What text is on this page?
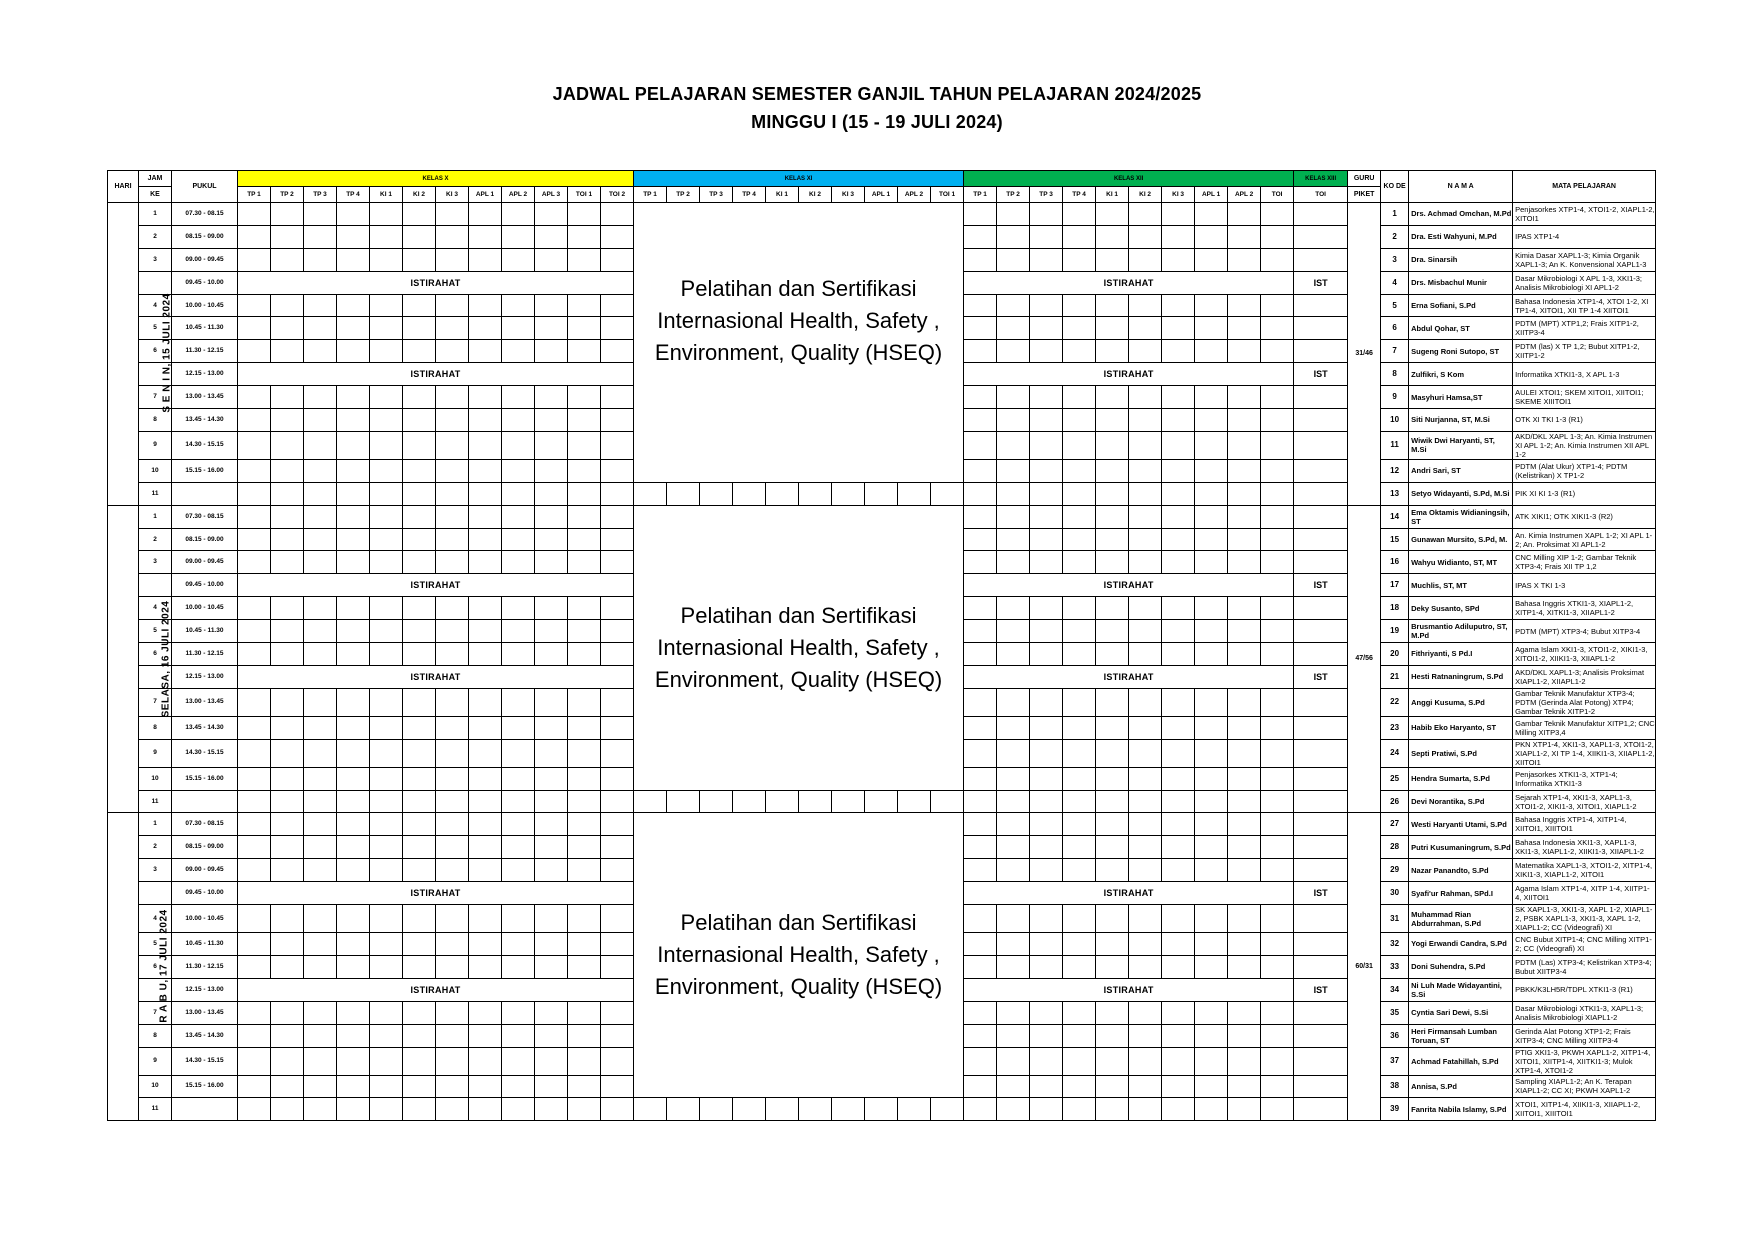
JADWAL PELAJARAN SEMESTER GANJIL TAHUN PELAJARAN 2024/2025
MINGGU I (15 - 19 JULI 2024)
HARI	JAM	PUKUL	KELAS X												KELAS XI										KELAS XII										KELAS XIII	GURU	KO DE	N A M A	MATA PELAJARAN
	KE		TP 1	TP 2	TP 3	TP 4	KI 1	KI 2	KI 3	APL 1	APL 2	APL 3	TOI 1	TOI 2	TP 1	TP 2	TP 3	TP 4	KI 1	KI 2	KI 3	APL 1	APL 2	TOI 1	TP 1	TP 2	TP 3	TP 4	KI 1	KI 2	KI 3	APL 1	APL 2	TOI	TOI	PIKET			
S E N I N, 15 JULI 2024	1	07.30 - 08.15													Pelatihan dan Sertifikasi Internasional Health, Safety , Environment, Quality (HSEQ)																					31/46	1	Drs. Achmad Omchan, M.Pd	Penjasorkes XTP1-4, XTOI1-2, XIAPL1-2, XITOI1
	2	08.15 - 09.00																																			2	Dra. Esti Wahyuni, M.Pd	IPAS XTP1-4
	3	09.00 - 09.45																																			3	Dra. Sinarsih	Kimia Dasar XAPL1-3; Kimia Organik XAPL1-3; An K. Konvensional XAPL1-3
		09.45 - 10.00	ISTIRAHAT																						ISTIRAHAT										IST		4	Drs. Misbachul Munir	Dasar Mikrobiologi X APL 1-3, XKI1-3; Analisis Mikrobiologi XI APL1-2
	4	10.00 - 10.45																																			5	Erna Sofiani, S.Pd	Bahasa Indonesia XTP1-4, XTOI 1-2, XI TP1-4, XITOI1, XII TP 1-4 XIITOI1
	5	10.45 - 11.30																																			6	Abdul Qohar, ST	PDTM (MPT) XTP1,2; Frais XITP1-2, XIITP3-4
	6	11.30 - 12.15																																			7	Sugeng Roni Sutopo, ST	PDTM (las) X TP 1,2; Bubut XITP1-2, XIITP1-2
		12.15 - 13.00	ISTIRAHAT																						ISTIRAHAT										IST		8	Zulfikri, S Kom	Informatika XTKI1-3, X APL 1-3
	7	13.00 - 13.45																																			9	Masyhuri Hamsa,ST	AULEI XTOI1; SKEM XITOI1, XIITOI1; SKEME XIIITOI1
	8	13.45 - 14.30																																			10	Siti Nurjanna, ST, M.Si	OTK XI TKI 1-3 (R1)
	9	14.30 - 15.15																																			11	Wiwik Dwi Haryanti, ST, M.Si	AKD/DKL XAPL 1-3; An. Kimia Instrumen XI APL 1-2; An. Kimia Instrumen XII APL 1-2
	10	15.15 - 16.00																																			12	Andri Sari, ST	PDTM (Alat Ukur) XTP1-4; PDTM (Kelistrikan) X TP1-2
	11																																				13	Setyo Widayanti, S.Pd, M.Si	PIK XI KI 1-3 (R1)
SELASA, 16 JULI 2024	1	07.30 - 08.15													Pelatihan dan Sertifikasi Internasional Health, Safety , Environment, Quality (HSEQ)																					47/56	14	Ema Oktamis Widianingsih, ST	ATK XIKI1; OTK XIKI1-3 (R2)
	2	08.15 - 09.00																																			15	Gunawan Mursito, S.Pd, M.	An. Kimia Instrumen XAPL 1-2; XI APL 1-2; An. Proksimat XI APL1-2
	3	09.00 - 09.45																																			16	Wahyu Widianto, ST, MT	CNC Milling XIP 1-2; Gambar Teknik XTP3-4; Frais XII TP 1,2
		09.45 - 10.00	ISTIRAHAT																						ISTIRAHAT										IST		17	Muchlis, ST, MT	IPAS X TKI 1-3
	4	10.00 - 10.45																																			18	Deky Susanto, SPd	Bahasa Inggris XTKI1-3, XIAPL1-2, XITP1-4, XITKI1-3, XIIAPL1-2
	5	10.45 - 11.30																																			19	Brusmantio Adiluputro, ST, M.Pd	PDTM (MPT) XTP3-4; Bubut XITP3-4
	6	11.30 - 12.15																																			20	Fithriyanti, S Pd.I	Agama Islam XKI1-3, XTOI1-2, XIKI1-3, XITOI1-2, XIIKI1-3, XIIAPL1-2
		12.15 - 13.00	ISTIRAHAT																						ISTIRAHAT										IST		21	Hesti Ratnaningrum, S.Pd	AKD/DKL XAPL1-3; Analisis Proksimat XIAPL1-2, XIIAPL1-2
	7	13.00 - 13.45																																			22	Anggi Kusuma, S.Pd	Gambar Teknik Manufaktur XTP3-4; PDTM (Gerinda Alat Potong) XTP4; Gambar Teknik XITP1-2
	8	13.45 - 14.30																																			23	Habib Eko Haryanto, ST	Gambar Teknik Manufaktur XITP1,2; CNC Milling XITP3,4
	9	14.30 - 15.15																																			24	Septi Pratiwi, S.Pd	PKN XTP1-4, XKI1-3, XAPL1-3, XTOI1-2, XIAPL1-2, XI TP 1-4, XIIKI1-3, XIIAPL1-2, XIITOI1
	10	15.15 - 16.00																																			25	Hendra Sumarta, S.Pd	Penjasorkes XTKI1-3, XTP1-4; Informatika XTKI1-3
	11																																				26	Devi Norantika, S.Pd	Sejarah XTP1-4, XKI1-3, XAPL1-3, XTOI1-2, XIKI1-3, XITOI1, XIAPL1-2
R A B U, 17 JULI 2024	1	07.30 - 08.15													Pelatihan dan Sertifikasi Internasional Health, Safety , Environment, Quality (HSEQ)																					60/31	27	Westi Haryanti Utami, S.Pd	Bahasa Inggris XTP1-4, XITP1-4, XIITOI1, XIIITOI1
	2	08.15 - 09.00																																			28	Putri Kusumaningrum, S.Pd	Bahasa Indonesia XKI1-3, XAPL1-3, XKI1-3, XIAPL1-2, XIIKI1-3, XIIAPL1-2
	3	09.00 - 09.45																																			29	Nazar Panandto, S.Pd	Matematika XAPL1-3, XTOI1-2, XITP1-4, XIKI1-3, XIAPL1-2, XITOI1
		09.45 - 10.00	ISTIRAHAT																						ISTIRAHAT										IST		30	Syafi'ur Rahman, SPd.I	Agama Islam XTP1-4, XITP 1-4, XIITP1-4, XIITOI1
	4	10.00 - 10.45																																			31	Muhammad Rian Abdurrahman, S.Pd	SK XAPL1-3, XKI1-3, XAPL 1-2, XIAPL1-2, PSBK XAPL1-3, XKI1-3, XAPL 1-2, XIAPL1-2; CC (Videografi) XI
	5	10.45 - 11.30																																			32	Yogi Erwandi Candra, S.Pd	CNC Bubut XITP1-4; CNC Milling XITP1-2; CC (Videografi) XI
	6	11.30 - 12.15																																			33	Doni Suhendra, S.Pd	PDTM (Las) XTP3-4; Kelistrikan XTP3-4; Bubut XIITP3-4
		12.15 - 13.00	ISTIRAHAT																						ISTIRAHAT										IST		34	Ni Luh Made Widayantini, S.Si	PBKK/K3LH5R/TDPL XTKI1-3 (R1)
	7	13.00 - 13.45																																			35	Cyntia Sari Dewi, S.Si	Dasar Mikrobiologi XTKI1-3, XAPL1-3; Analisis Mikrobiologi XIAPL1-2
	8	13.45 - 14.30																																			36	Heri Firmansah Lumban Toruan, ST	Gerinda Alat Potong XTP1-2; Frais XITP3-4; CNC Milling XIITP3-4
	9	14.30 - 15.15																																			37	Achmad Fatahillah, S.Pd	PTIG XKI1-3, PKWH XAPL1-2, XITP1-4, XITOI1, XIITP1-4, XIITKI1-3; Mulok XTP1-4, XTOI1-2
	10	15.15 - 16.00																																			38	Annisa, S.Pd	Sampling XIAPL1-2; An K. Terapan XIAPL1-2; CC XI; PKWH XAPL1-2
	11																																				39	Fanrita Nabila Islamy, S.Pd	XTOI1, XITP1-4, XIIKI1-3, XIIAPL1-2, XIITOI1, XIIITOI1
